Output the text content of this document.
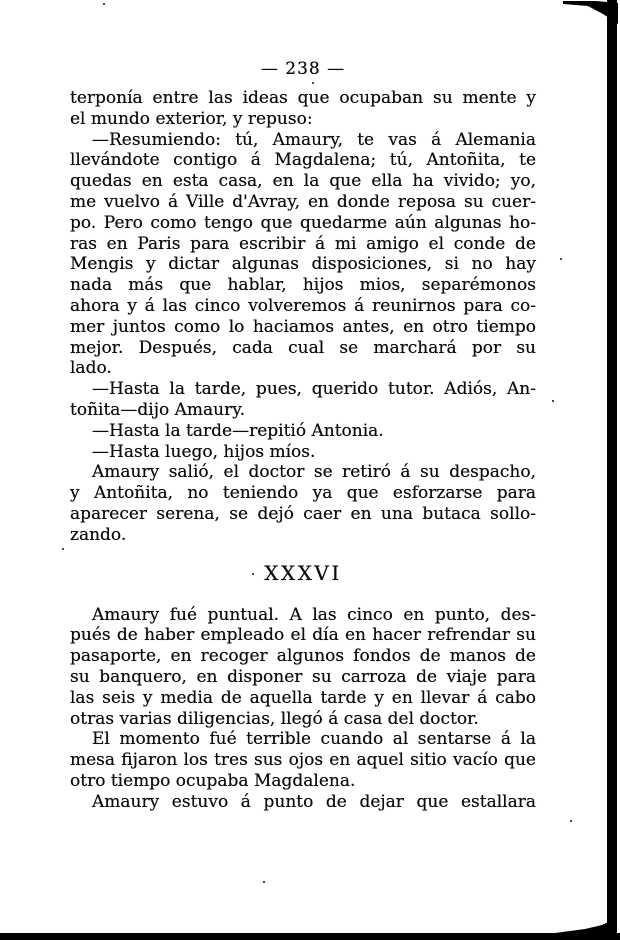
— 238 —
terponía entre las ideas que ocupaban su mente y
el mundo exterior, y repuso:
—Resumiendo: tú, Amaury, te vas á Alemania
llevándote contigo á Magdalena; tú, Antoñita, te
quedas en esta casa, en la que ella ha vivido; yo,
me vuelvo á Ville d'Avray, en donde reposa su cuer-
po. Pero como tengo que quedarme aún algunas ho-
ras en Paris para escribir á mi amigo el conde de
Mengis y dictar algunas disposiciones, si no hay
nada más que hablar, hijos mios, separémonos
ahora y á las cinco volveremos á reunirnos para co-
mer juntos como lo haciamos antes, en otro tiempo
mejor. Después, cada cual se marchará por su
lado.
—Hasta la tarde, pues, querido tutor. Adiós, An-
toñita—dijo Amaury.
—Hasta la tarde—repitió Antonia.
—Hasta luego, hijos míos.
Amaury salió, el doctor se retiró á su despacho,
y Antoñita, no teniendo ya que esforzarse para
aparecer serena, se dejó caer en una butaca sollo-
zando.
XXXVI
Amaury fué puntual. A las cinco en punto, des-
pués de haber empleado el día en hacer refrendar su
pasaporte, en recoger algunos fondos de manos de
su banquero, en disponer su carroza de viaje para
las seis y media de aquella tarde y en llevar á cabo
otras varias diligencias, llegó á casa del doctor.
El momento fué terrible cuando al sentarse á la
mesa fijaron los tres sus ojos en aquel sitio vacío que
otro tiempo ocupaba Magdalena.
Amaury estuvo á punto de dejar que estallara
